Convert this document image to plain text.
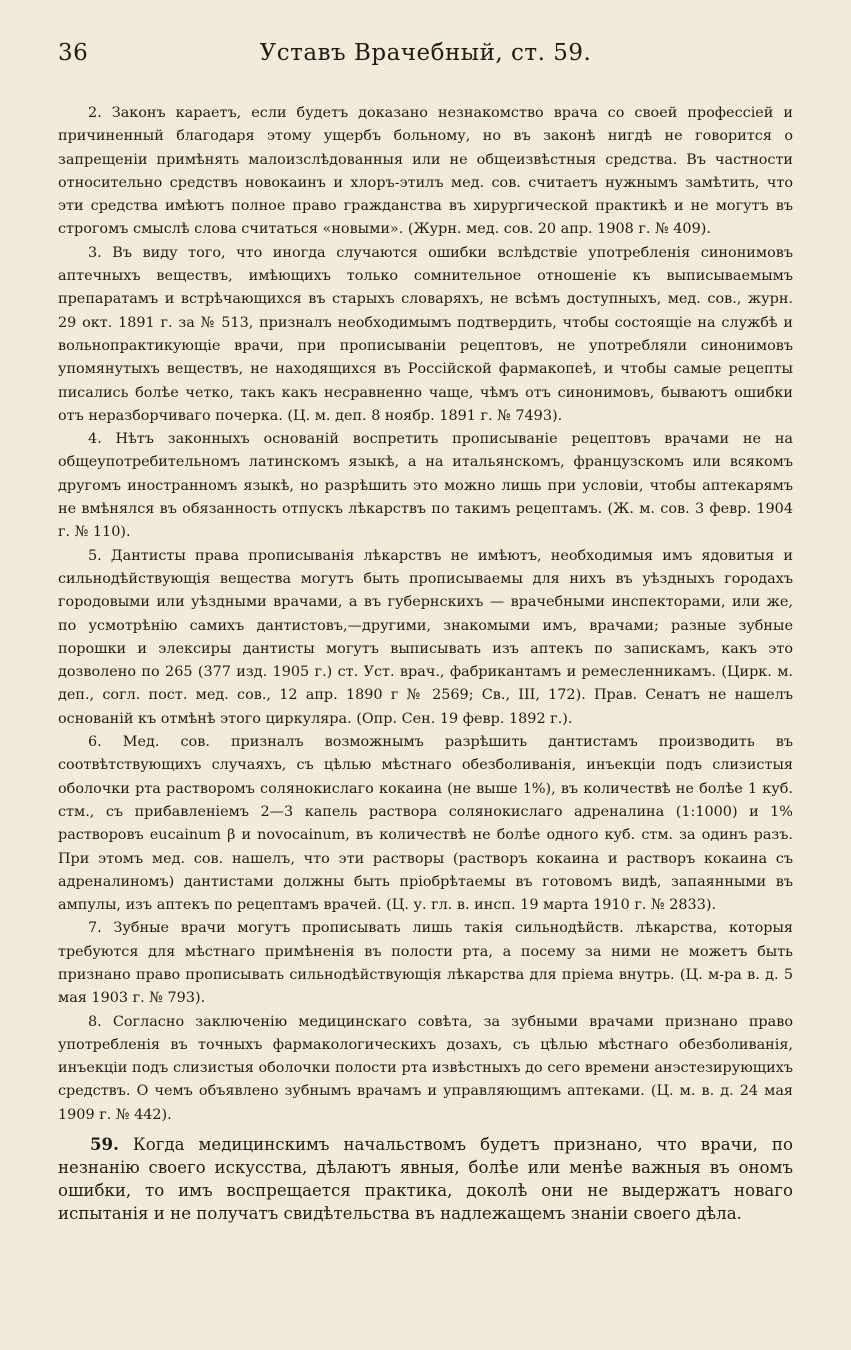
36	Уставъ Врачебный, ст. 59.

2. Законъ караетъ, если будетъ доказано незнакомство врача со своей профессiей и причиненный благодаря этому ущербъ больному, но въ законѣ нигдѣ не говорится о запрещенiи примѣнять малоизслѣдованныя или не общеизвѣстныя средства. Въ частности относительно средствъ новокаинъ и хлоръ-этилъ мед. сов. считаетъ нужнымъ замѣтить, что эти средства имѣютъ полное право гражданства въ хирургической практикѣ и не могутъ въ строгомъ смыслѣ слова считаться «новыми». (Журн. мед. сов. 20 апр. 1908 г. № 409).

3. Въ виду того, что иногда случаются ошибки вслѣдствiе употребленiя синонимовъ аптечныхъ веществъ, имѣющихъ только сомнительное отношенiе къ выписываемымъ препаратамъ и встрѣчающихся въ старыхъ словаряхъ, не всѣмъ доступныхъ, мед. сов., журн. 29 окт. 1891 г. за № 513, призналъ необходимымъ подтвердить, чтобы состоящiе на службѣ и вольнопрактикующiе врачи, при прописыванiи рецептовъ, не употребляли синонимовъ упомянутыхъ веществъ, не находящихся въ Россiйской фармакопеѣ, и чтобы самые рецепты писались болѣе четко, такъ какъ несравненно чаще, чѣмъ отъ синонимовъ, бываютъ ошибки отъ неразборчиваго почерка. (Ц. м. деп. 8 ноябр. 1891 г. № 7493).

4. Нѣтъ законныхъ основанiй воспретить прописыванiе рецептовъ врачами не на общеупотребительномъ латинскомъ языкѣ, а на итальянскомъ, французскомъ или всякомъ другомъ иностранномъ языкѣ, но разрѣшить это можно лишь при условiи, чтобы аптекарямъ не вмѣнялся въ обязанность отпускъ лѣкарствъ по такимъ рецептамъ. (Ж. м. сов. 3 февр. 1904 г. № 110).

5. Дантисты права прописыванiя лѣкарствъ не имѣютъ, необходимыя имъ ядовитыя и сильнодѣйствующiя вещества могутъ быть прописываемы для нихъ въ уѣздныхъ городахъ городовыми или уѣздными врачами, а въ губернскихъ — врачебными инспекторами, или же, по усмотрѣнiю самихъ дантистовъ,—другими, знакомыми имъ, врачами; разные зубные порошки и элексиры дантисты могутъ выписывать изъ аптекъ по запискамъ, какъ это дозволено по 265 (377 изд. 1905 г.) ст. Уст. врач., фабрикантамъ и ремесленникамъ. (Цирк. м. деп., согл. пост. мед. сов., 12 апр. 1890 г № 2569; Св., III, 172). Прав. Сенатъ не нашелъ основанiй къ отмѣнѣ этого циркуляра. (Опр. Сен. 19 февр. 1892 г.).

6. Мед. сов. призналъ возможнымъ разрѣшить дантистамъ производить въ соотвѣтствующихъ случаяхъ, съ цѣлью мѣстнаго обезболиванiя, инъекцiи подъ слизистыя оболочки рта растворомъ солянокислаго кокаина (не выше 1%), въ количествѣ не болѣе 1 куб. стм., съ прибавленiемъ 2—3 капель раствора солянокислаго адреналина (1:1000) и 1% растворовъ eucainum β и novocainum, въ количествѣ не болѣе одного куб. стм. за одинъ разъ. При этомъ мед. сов. нашелъ, что эти растворы (растворъ кокаина и растворъ кокаина съ адреналиномъ) дантистами должны быть прiобрѣтаемы въ готовомъ видѣ, запаянными въ ампулы, изъ аптекъ по рецептамъ врачей. (Ц. у. гл. в. инсп. 19 марта 1910 г. № 2833).

7. Зубные врачи могутъ прописывать лишь такiя сильнодѣйств. лѣкарства, которыя требуются для мѣстнаго примѣненiя въ полости рта, а посему за ними не можетъ быть признано право прописывать сильнодѣйствующiя лѣкарства для прiема внутрь. (Ц. м-ра в. д. 5 мая 1903 г. № 793).

8. Согласно заключенiю медицинскаго совѣта, за зубными врачами признано право употребленiя въ точныхъ фармакологическихъ дозахъ, съ цѣлью мѣстнаго обезболиванiя, инъекцiи подъ слизистыя оболочки полости рта извѣстныхъ до сего времени анэстезирующихъ средствъ. О чемъ объявлено зубнымъ врачамъ и управляющимъ аптеками. (Ц. м. в. д. 24 мая 1909 г. № 442).

59. Когда медицинскимъ начальствомъ будетъ признано, что врачи, по незнанiю своего искусства, дѣлаютъ явныя, болѣе или менѣе важныя въ ономъ ошибки, то имъ воспрещается практика, доколѣ они не выдержатъ новаго испытанiя и не получатъ свидѣтельства въ надлежащемъ знанiи своего дѣла.
